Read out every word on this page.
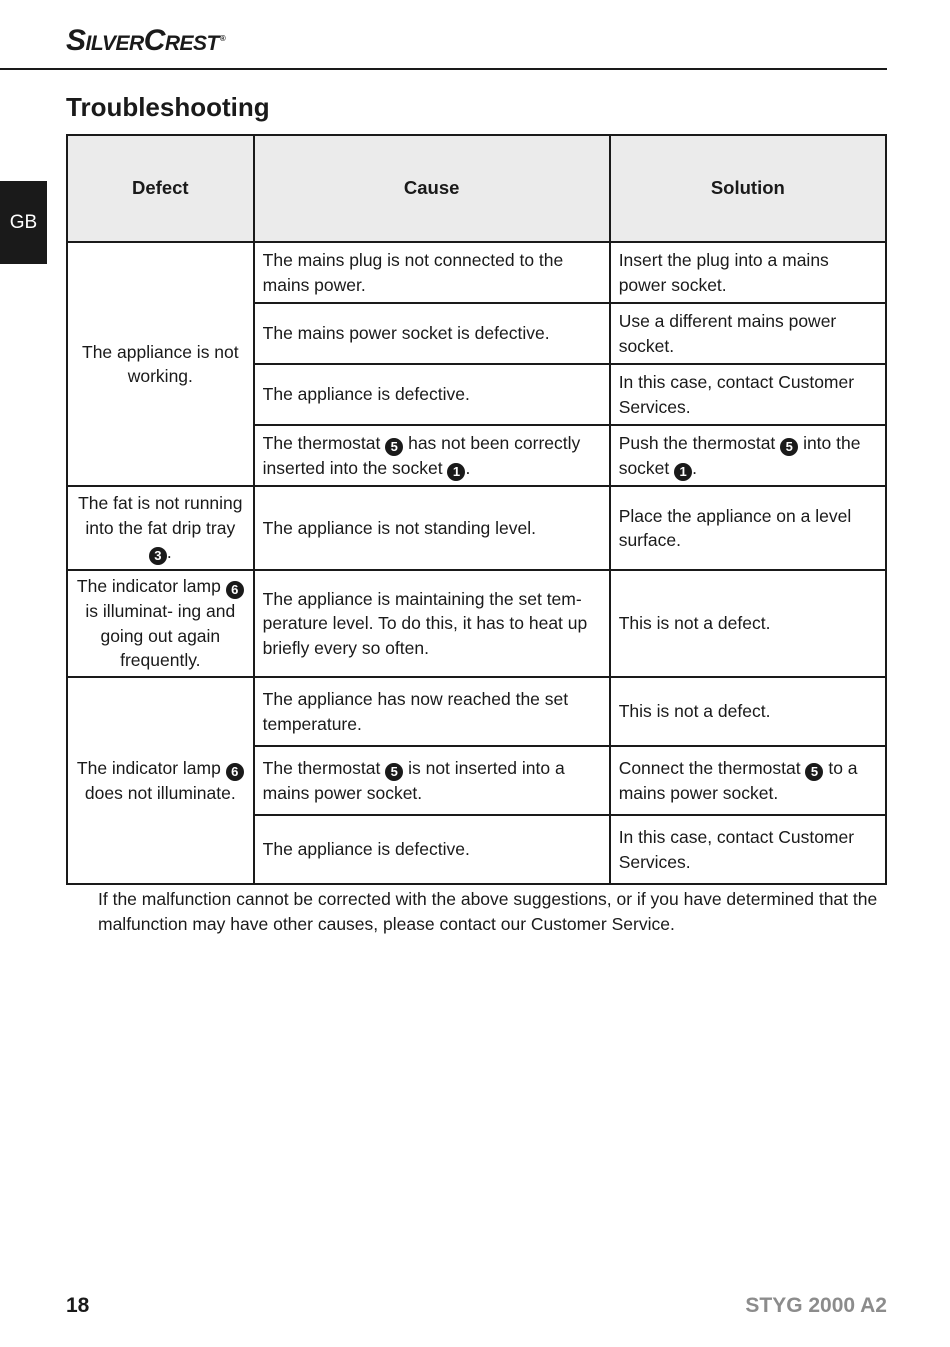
SilverCrest®
GB
Troubleshooting
Defect	Cause	Solution
The appliance is not working.	The mains plug is not connected to the mains power.	Insert the plug into a mains power socket.
	The mains power socket is defective.	Use a different mains power socket.
	The appliance is defective.	In this case, contact Customer Services.
	The thermostat 5 has not been correctly inserted into the socket 1 .	Push the thermostat 5 into the socket 1 .
The fat is not running into the fat drip tray 3 .	The appliance is not standing level.	Place the appliance on a level surface.
The indicator lamp 6 is illuminat- ing and going out again frequently.	The appliance is maintaining the set tem- perature level. To do this, it has to heat up briefly every so often.	This is not a defect.
The indicator lamp 6 does not illuminate.	The appliance has now reached the set temperature.	This is not a defect.
	The thermostat 5 is not inserted into a mains power socket.	Connect the thermostat 5 to a mains power socket.
	The appliance is defective.	In this case, contact Customer Services.

If the malfunction cannot be corrected with the above suggestions, or if you have determined that the malfunction may have other causes, please contact our Customer Service.

18	STYG 2000 A2
